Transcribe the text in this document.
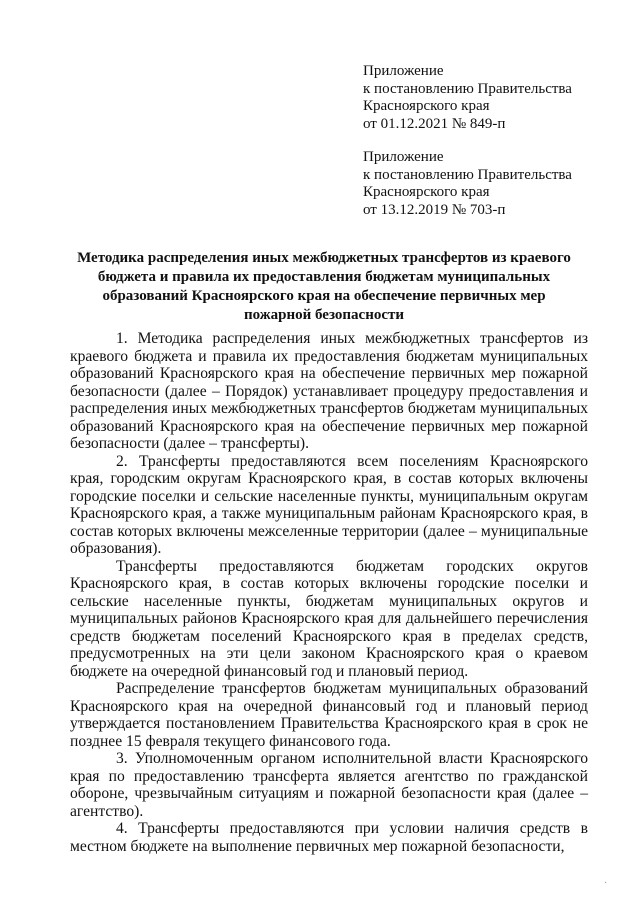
Приложение
к постановлению Правительства
Красноярского края
от 01.12.2021 № 849-п
Приложение
к постановлению Правительства
Красноярского края
от 13.12.2019 № 703-п
Методика распределения иных межбюджетных трансфертов из краевого бюджета и правила их предоставления бюджетам муниципальных образований Красноярского края на обеспечение первичных мер пожарной безопасности

1. Методика распределения иных межбюджетных трансфертов из краевого бюджета и правила их предоставления бюджетам муниципальных образований Красноярского края на обеспечение первичных мер пожарной безопасности (далее – Порядок) устанавливает процедуру предоставления и распределения иных межбюджетных трансфертов бюджетам муниципальных образований Красноярского края на обеспечение первичных мер пожарной безопасности (далее – трансферты).

2. Трансферты предоставляются всем поселениям Красноярского края, городским округам Красноярского края, в состав которых включены городские поселки и сельские населенные пункты, муниципальным округам Красноярского края, а также муниципальным районам Красноярского края, в состав которых включены межселенные территории (далее – муниципальные образования).

Трансферты предоставляются бюджетам городских округов Красноярского края, в состав которых включены городские поселки и сельские населенные пункты, бюджетам муниципальных округов и муниципальных районов Красноярского края для дальнейшего перечисления средств бюджетам поселений Красноярского края в пределах средств, предусмотренных на эти цели законом Красноярского края о краевом бюджете на очередной финансовый год и плановый период.

Распределение трансфертов бюджетам муниципальных образований Красноярского края на очередной финансовый год и плановый период утверждается постановлением Правительства Красноярского края в срок не позднее 15 февраля текущего финансового года.

3. Уполномоченным органом исполнительной власти Красноярского края по предоставлению трансферта является агентство по гражданской обороне, чрезвычайным ситуациям и пожарной безопасности края (далее – агентство).

4. Трансферты предоставляются при условии наличия средств в местном бюджете на выполнение первичных мер пожарной безопасности,

·
